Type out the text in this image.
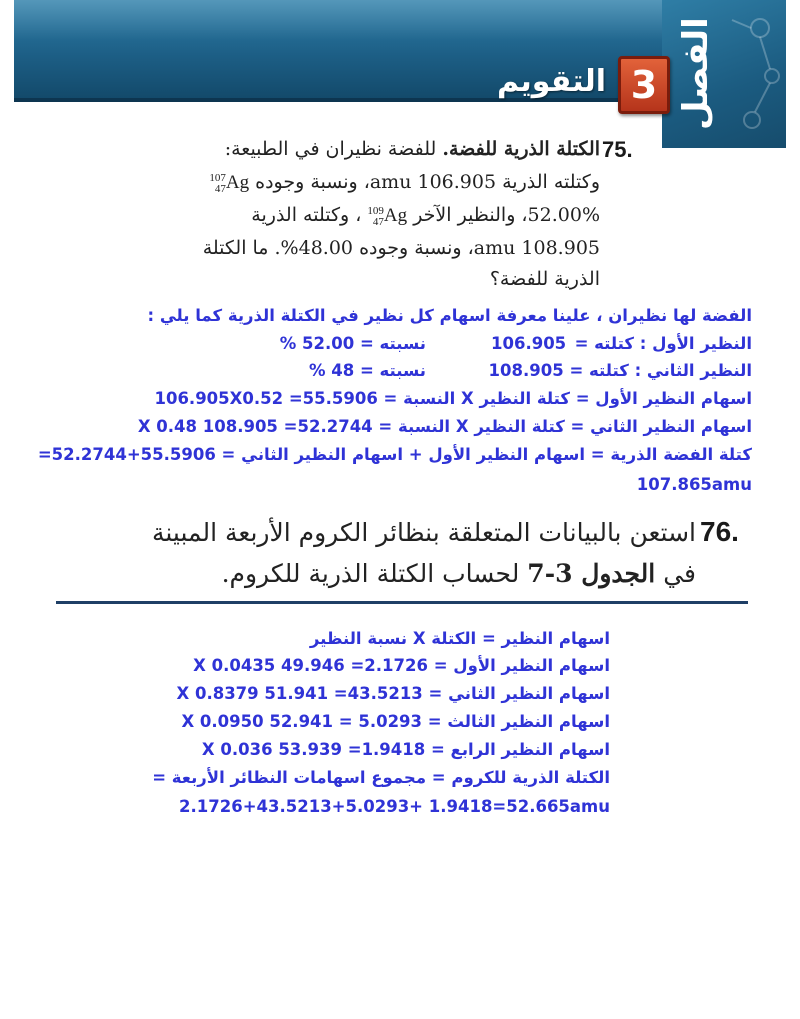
الفصل
3
التقويم
75.
الكتلة الذرية للفضة. للفضة نظيران في الطبيعة:
وكتلته الذرية 106.905 amu، ونسبة وجوده 107
47Ag
52.00%، والنظير الآخر 109
47Ag ، وكتلته الذرية
108.905 amu، ونسبة وجوده 48.00%. ما الكتلة
الذرية للفضة؟
الفضة لها نظيران ، علينا معرفة اسهام كل نظير في الكتلة الذرية كما يلي :
النظير الأول : كتلته =
106.905
نسبته = 52.00 %
النظير الثاني : كتلته = 108.905
نسبته = 48 %
اسهام النظير الأول = كتلة النظير X النسبة = 55.5906= 106.905X0.52
اسهام النظير الثاني = كتلة النظير X النسبة = 52.2744= 108.905 X 0.48
كتلة الفضة الذرية = اسهام النظير الأول + اسهام النظير الثاني = 55.5906+52.2744=
107.865amu
76.
استعن بالبيانات المتعلقة بنظائر الكروم الأربعة المبينة
في الجدول 3-7 لحساب الكتلة الذرية للكروم.
اسهام النظير = الكتلة X نسبة النظير
اسهام النظير الأول = 2.1726= 49.946 X 0.0435
اسهام النظير الثاني = 43.5213= 51.941 X 0.8379
اسهام النظير الثالث = 5.0293 = 52.941 X 0.0950
اسهام النظير الرابع = 1.9418= 53.939 X 0.036
الكتلة الذرية للكروم = مجموع اسهامات النظائر الأربعة =
2.1726+43.5213+5.0293+ 1.9418=52.665amu
